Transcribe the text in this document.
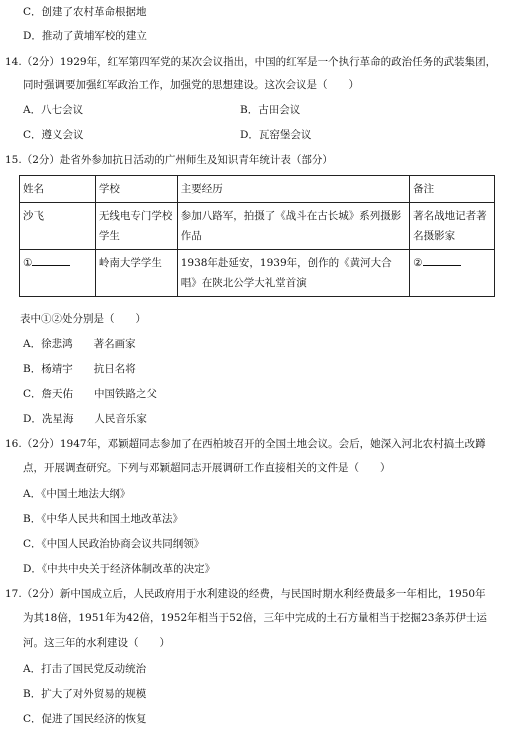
C．创建了农村革命根据地
D．推动了黄埔军校的建立
14.（2分）1929年，红军第四军党的某次会议指出，中国的红军是一个执行革命的政治任务的武装集团，
同时强调要加强红军政治工作，加强党的思想建设。这次会议是（　　）
A．八七会议	B．古田会议
C．遵义会议	D．瓦窑堡会议
15.（2分）赴省外参加抗日活动的广州师生及知识青年统计表（部分）
姓名	学校	主要经历	备注
沙飞	无线电专门学校学生	参加八路军，拍摄了《战斗在古长城》系列摄影作品	著名战地记者著名摄影家
①	岭南大学学生	1938年赴延安，1939年，创作的《黄河大合唱》在陕北公学大礼堂首演	②
表中①②处分别是（　　）
A．徐悲鸿　　著名画家
B．杨靖宇　　抗日名将
C．詹天佑　　中国铁路之父
D．冼星海　　人民音乐家
16.（2分）1947年，邓颖超同志参加了在西柏坡召开的全国土地会议。会后，她深入河北农村搞土改蹲
点，开展调查研究。下列与邓颖超同志开展调研工作直接相关的文件是（　　）
A．《中国土地法大纲》
B．《中华人民共和国土地改革法》
C．《中国人民政治协商会议共同纲领》
D．《中共中央关于经济体制改革的决定》
17.（2分）新中国成立后，人民政府用于水利建设的经费，与民国时期水利经费最多一年相比，1950年
为其18倍，1951年为42倍，1952年相当于52倍，三年中完成的土石方量相当于挖掘23条苏伊士运
河。这三年的水利建设（　　）
A．打击了国民党反动统治
B．扩大了对外贸易的规模
C．促进了国民经济的恢复
